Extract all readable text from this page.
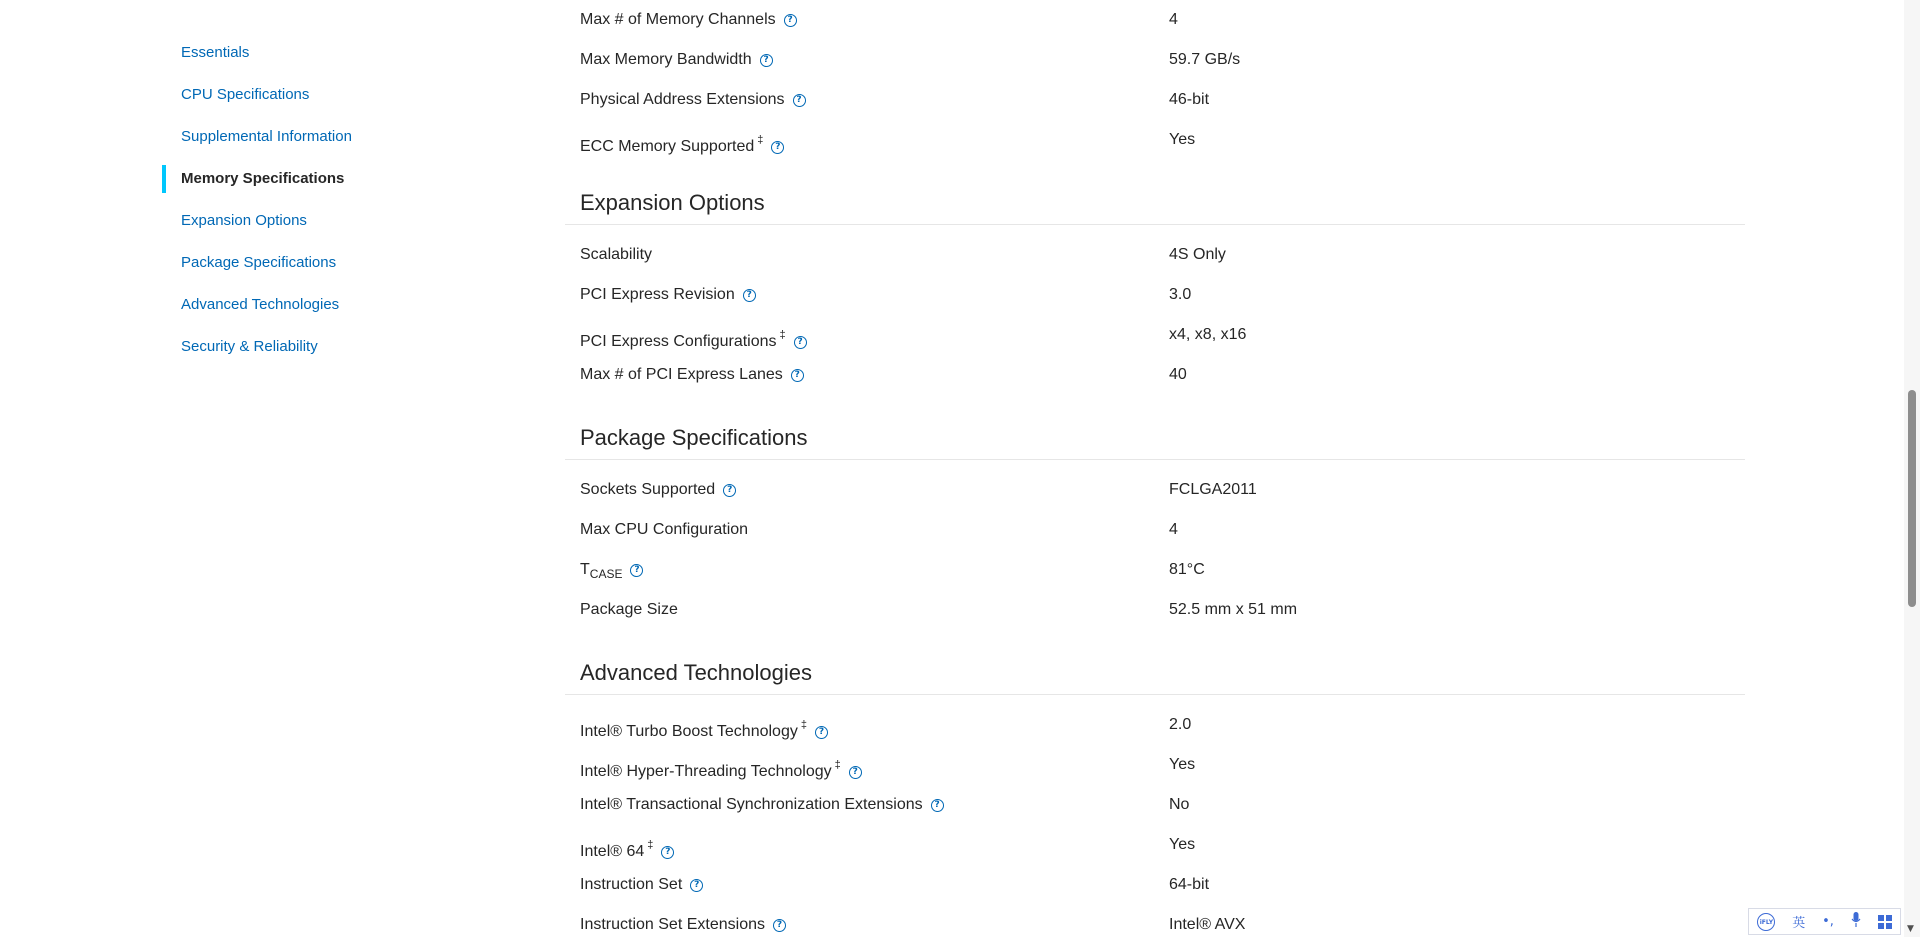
Essentials
CPU Specifications
Supplemental Information
Memory Specifications
Expansion Options
Package Specifications
Advanced Technologies
Security & Reliability
Max # of Memory Channels ?	4
Max Memory Bandwidth ?	59.7 GB/s
Physical Address Extensions ?	46-bit
ECC Memory Supported ‡?	Yes
Expansion Options
Scalability	4S Only
PCI Express Revision ?	3.0
PCI Express Configurations ‡?	x4, x8, x16
Max # of PCI Express Lanes ?	40
Package Specifications
Sockets Supported ?	FCLGA2011
Max CPU Configuration	4
$T_{CASE}$ ?	81°C
Package Size	52.5 mm x 51 mm
Advanced Technologies
Intel® Turbo Boost Technology ‡?	2.0
Intel® Hyper-Threading Technology ‡?	Yes
Intel® Transactional Synchronization Extensions ?	No
Intel® 64 ‡?	Yes
Instruction Set ?	64-bit
Instruction Set Extensions ?	Intel® AVX	▼
iFLY 英 •,
